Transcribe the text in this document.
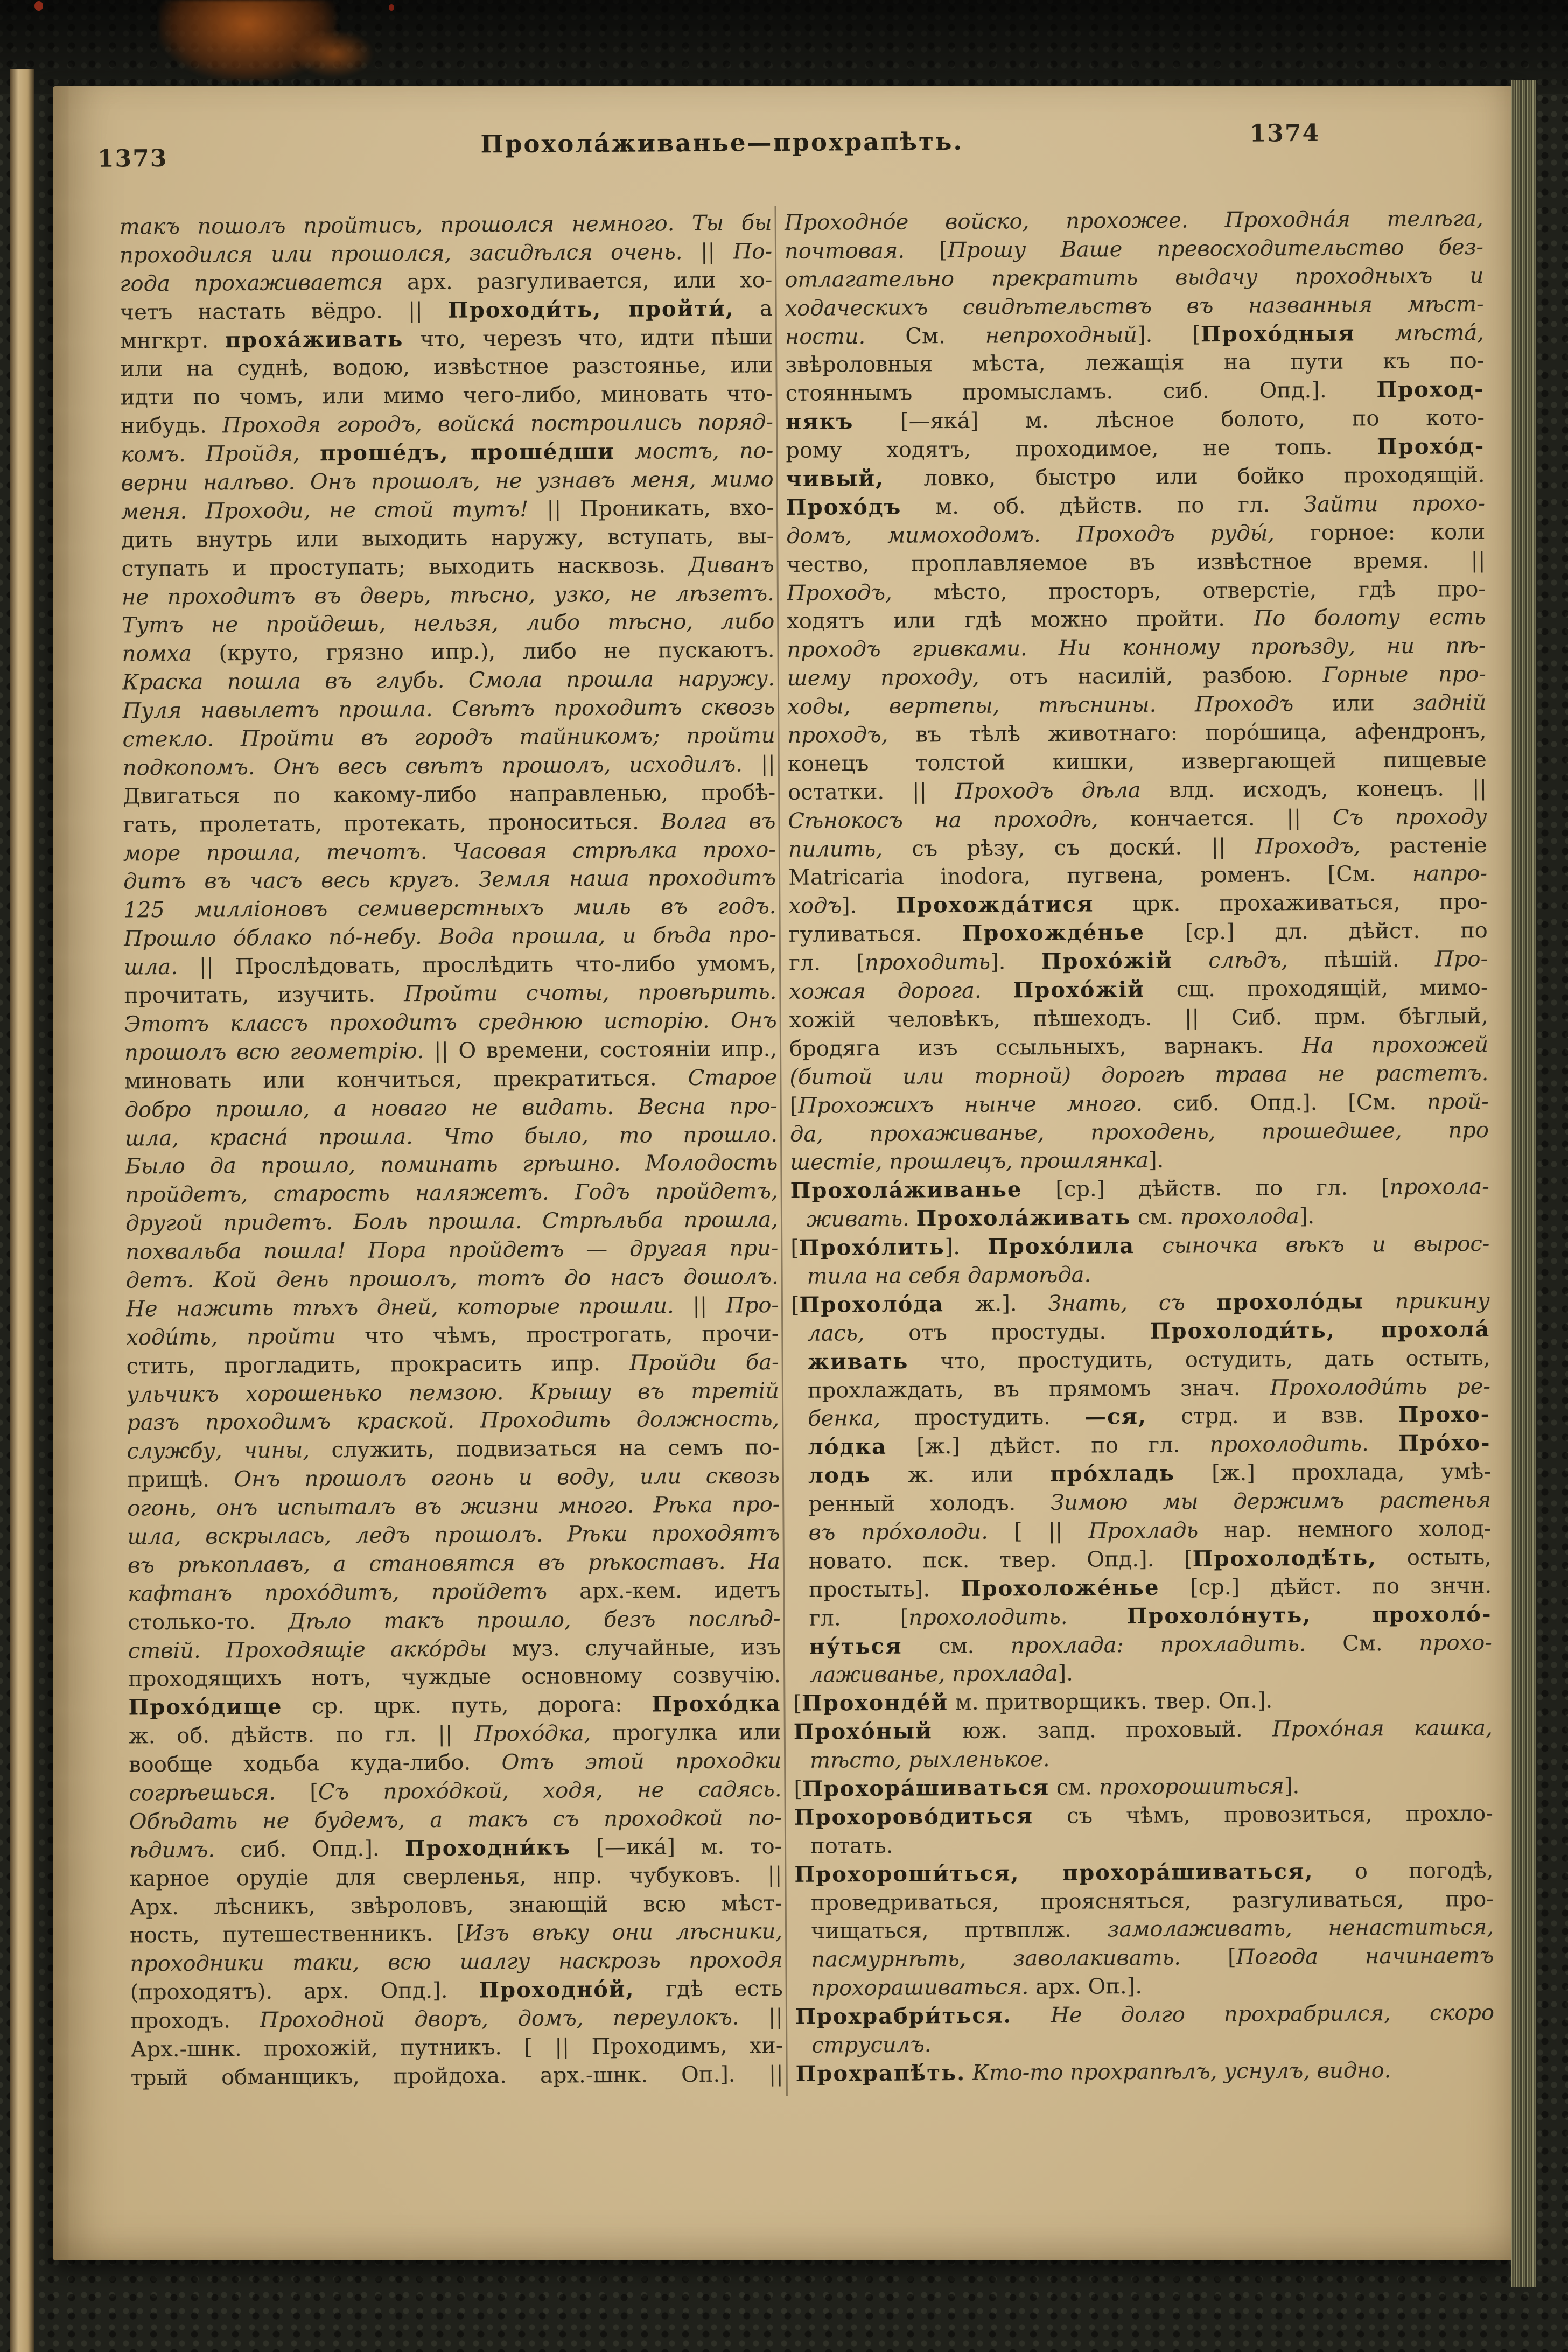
1373
Прохола́живанье—прохрапѣть.	1374
такъ пошолъ пройтись, прошолся немного. Ты бы
проходился или прошолся, засидѣлся очень. || По-
года прохаживается арх. разгуливается, или хо-
четъ настать вёдро. || Проходи́ть, пройти́, а
мнгкрт. проха́живать что, черезъ что, идти пѣши
или на суднѣ, водою, извѣстное разстоянье, или
идти по чомъ, или мимо чего-либо, миновать что-
нибудь. Проходя городъ, войска́ построились поряд-
комъ. Пройдя, проше́дъ, проше́дши мостъ, по-
верни налѣво. Онъ прошолъ, не узнавъ меня, мимо
меня. Проходи, не стой тутъ! || Проникать, вхо-
дить внутрь или выходить наружу, вступать, вы-
ступать и проступать; выходить насквозь. Диванъ
не проходитъ въ дверь, тѣсно, узко, не лѣзетъ.
Тутъ не пройдешь, нельзя, либо тѣсно, либо
помха (круто, грязно ипр.), либо не пускаютъ.
Краска пошла въ глубь. Смола прошла наружу.
Пуля навылетъ прошла. Свѣтъ проходитъ сквозь
стекло. Пройти въ городъ тайникомъ; пройти
подкопомъ. Онъ весь свѣтъ прошолъ, исходилъ. ||
Двигаться по какому-либо направленью, пробѣ-
гать, пролетать, протекать, проноситься. Волга въ
море прошла, течотъ. Часовая стрѣлка прохо-
дитъ въ часъ весь кругъ. Земля наша проходитъ
125 милліоновъ семиверстныхъ миль въ годъ.
Прошло о́блако по́-небу. Вода прошла, и бѣда про-
шла. || Прослѣдовать, прослѣдить что-либо умомъ,
прочитать, изучить. Пройти счоты, провѣрить.
Этотъ классъ проходитъ среднюю исторію. Онъ
прошолъ всю геометрію. || О времени, состояніи ипр.,
миновать или кончиться, прекратиться. Старое
добро прошло, а новаго не видать. Весна про-
шла, красна́ прошла. Что было, то прошло.
Было да прошло, поминать грѣшно. Молодость
пройдетъ, старость наляжетъ. Годъ пройдетъ,
другой придетъ. Боль прошла. Стрѣльба прошла,
похвальба пошла! Пора пройдетъ — другая при-
детъ. Кой день прошолъ, тотъ до насъ дошолъ.
Не нажить тѣхъ дней, которые прошли. || Про-
ходи́ть, пройти что чѣмъ, прострогать, прочи-
стить, прогладить, прокрасить ипр. Пройди ба-
ульчикъ хорошенько пемзою. Крышу въ третій
разъ проходимъ краской. Проходить должность,
службу, чины, служить, подвизаться на семъ по-
прищѣ. Онъ прошолъ огонь и воду, или сквозь
огонь, онъ испыталъ въ жизни много. Рѣка про-
шла, вскрылась, ледъ прошолъ. Рѣки проходятъ
въ рѣкоплавъ, а становятся въ рѣкоставъ. На
кафтанъ прохо́дитъ, пройдетъ арх.-кем. идетъ
столько-то. Дѣло такъ прошло, безъ послѣд-
ствій. Проходящіе акко́рды муз. случайные, изъ
проходящихъ нотъ, чуждые основному созвучію.
Прохо́дище ср. црк. путь, дорога: Прохо́дка
ж. об. дѣйств. по гл. || Прохо́дка, прогулка или
вообще ходьба куда-либо. Отъ этой проходки
согрѣешься. [Съ прохо́дкой, ходя, не садясь.
Обѣдать не будемъ, а такъ съ проходкой по-
ѣдимъ. сиб. Опд.]. Проходни́къ [—ика́] м. то-
карное орудіе для сверленья, нпр. чубуковъ. ||
Арх. лѣсникъ, звѣроловъ, знающій всю мѣст-
ность, путешественникъ. [Изъ вѣку они лѣсники,
проходники таки, всю шалгу наскрозь проходя
(проходятъ). арх. Опд.]. Проходно́й, гдѣ есть
проходъ. Проходной дворъ, домъ, переулокъ. ||
Арх.-шнк. прохожій, путникъ. [ || Проходимъ, хи-
трый обманщикъ, пройдоха. арх.-шнк. Оп.]. ||
Проходно́е войско, прохожее. Проходна́я телѣга,
почтовая. [Прошу Ваше превосходительство без-
отлагательно прекратить выдачу проходныхъ и
ходаческихъ свидѣтельствъ въ названныя мѣст-
ности. См. непроходный]. [Прохо́дныя мѣста́,
звѣроловныя мѣста, лежащія на пути къ по-
стояннымъ промысламъ. сиб. Опд.]. Проход-
някъ [—яка́] м. лѣсное болото, по кото-
рому ходятъ, проходимое, не топь. Прохо́д-
чивый, ловко, быстро или бойко проходящій.
Прохо́дъ м. об. дѣйств. по гл. Зайти прохо-
домъ, мимоходомъ. Проходъ руды́, горное: коли
чество, проплавляемое въ извѣстное время. ||
Проходъ, мѣсто, просторъ, отверстіе, гдѣ про-
ходятъ или гдѣ можно пройти. По болоту есть
проходъ гривками. Ни конному проѣзду, ни пѣ-
шему проходу, отъ насилій, разбою. Горные про-
ходы, вертепы, тѣснины. Проходъ или задній
проходъ, въ тѣлѣ животнаго: поро́шица, афендронъ,
конецъ толстой кишки, извергающей пищевые
остатки. || Проходъ дѣла влд. исходъ, конецъ. ||
Сѣнокосъ на проходѣ, кончается. || Съ проходу
пилить, съ рѣзу, съ доски́. || Проходъ, растеніе
Matricaria inodora, пугвена, роменъ. [См. напро-
ходъ]. Прохожда́тися црк. прохаживаться, про-
гуливаться. Прохожде́нье [ср.] дл. дѣйст. по
гл. [проходить]. Прохо́жій слѣдъ, пѣшій. Про-
хожая дорога. Прохо́жій сщ. проходящій, мимо-
хожій человѣкъ, пѣшеходъ. || Сиб. прм. бѣглый,
бродяга изъ ссыльныхъ, варнакъ. На прохожей
(битой или торной) дорогѣ трава не растетъ.
[Прохожихъ нынче много. сиб. Опд.]. [См. прой-
да, прохаживанье, проходень, прошедшее, про
шестіе, прошлецъ, прошлянка].
Прохола́живанье [ср.] дѣйств. по гл. [прохола-
живать. Прохола́живать см. прохолода].
[Прохо́лить]. Прохо́лила сыночка вѣкъ и вырос-
тила на себя дармоѣда.
[Прохоло́да ж.]. Знать, съ прохоло́ды прикину
лась, отъ простуды. Прохолоди́ть, прохола́
живать что, простудить, остудить, дать остыть,
прохлаждать, въ прямомъ знач. Прохолоди́ть ре-
бенка, простудить. —ся, стрд. и взв. Прохо-
ло́дка [ж.] дѣйст. по гл. прохолодить. Про́хо-
лодь ж. или про́хладь [ж.] прохлада, умѣ-
ренный холодъ. Зимою мы держимъ растенья
въ про́холоди. [ || Прохладь нар. немного холод-
новато. пск. твер. Опд.]. [Прохолодѣ́ть, остыть,
простыть]. Прохоложе́нье [ср.] дѣйст. по знчн.
гл. [прохолодить.	Прохоло́нуть, прохоло́-
ну́ться см. прохлада: прохладить. См. прохо-
лаживанье, прохлада].
[Прохонде́й м. притворщикъ. твер. Оп.].
Прохо́ный юж. запд. проховый. Прохо́ная кашка,
тѣсто, рыхленькое.
[Прохора́шиваться см. прохорошиться].
Прохорово́диться съ чѣмъ, провозиться, прохло-
потать.
Прохороши́ться, прохора́шиваться, о погодѣ,
проведриваться, проясняться, разгуливаться, про-
чищаться, пртвплж. замолаживать, ненаститься,
пасмурнѣть, заволакивать. [Погода начинаетъ
прохорашиваться. арх. Оп.].
Прохрабри́ться. Не долго прохрабрился, скоро
струсилъ.
Прохрапѣ́ть. Кто-то прохрапѣлъ, уснулъ, видно.
